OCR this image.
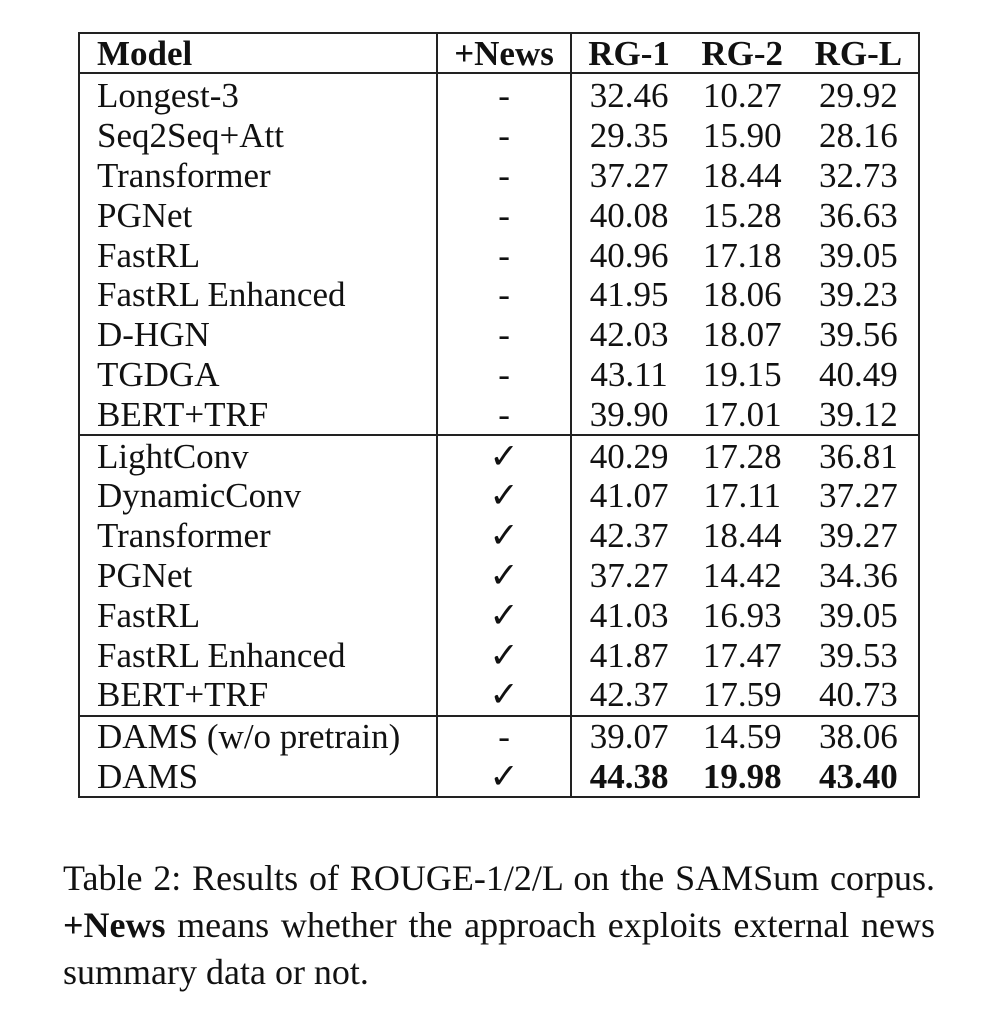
Model	+News	RG-1	RG-2	RG-L
Longest-3	-	32.46	10.27	29.92
Seq2Seq+Att	-	29.35	15.90	28.16
Transformer	-	37.27	18.44	32.73
PGNet	-	40.08	15.28	36.63
FastRL	-	40.96	17.18	39.05
FastRL Enhanced	-	41.95	18.06	39.23
D-HGN	-	42.03	18.07	39.56
TGDGA	-	43.11	19.15	40.49
BERT+TRF	-	39.90	17.01	39.12
LightConv	✓	40.29	17.28	36.81
DynamicConv	✓	41.07	17.11	37.27
Transformer	✓	42.37	18.44	39.27
PGNet	✓	37.27	14.42	34.36
FastRL	✓	41.03	16.93	39.05
FastRL Enhanced	✓	41.87	17.47	39.53
BERT+TRF	✓	42.37	17.59	40.73
DAMS (w/o pretrain)	-	39.07	14.59	38.06
DAMS	✓	44.38	19.98	43.40

Table 2: Results of ROUGE-1/2/L on the SAMSum corpus. +News means whether the approach exploits external news summary data or not.
